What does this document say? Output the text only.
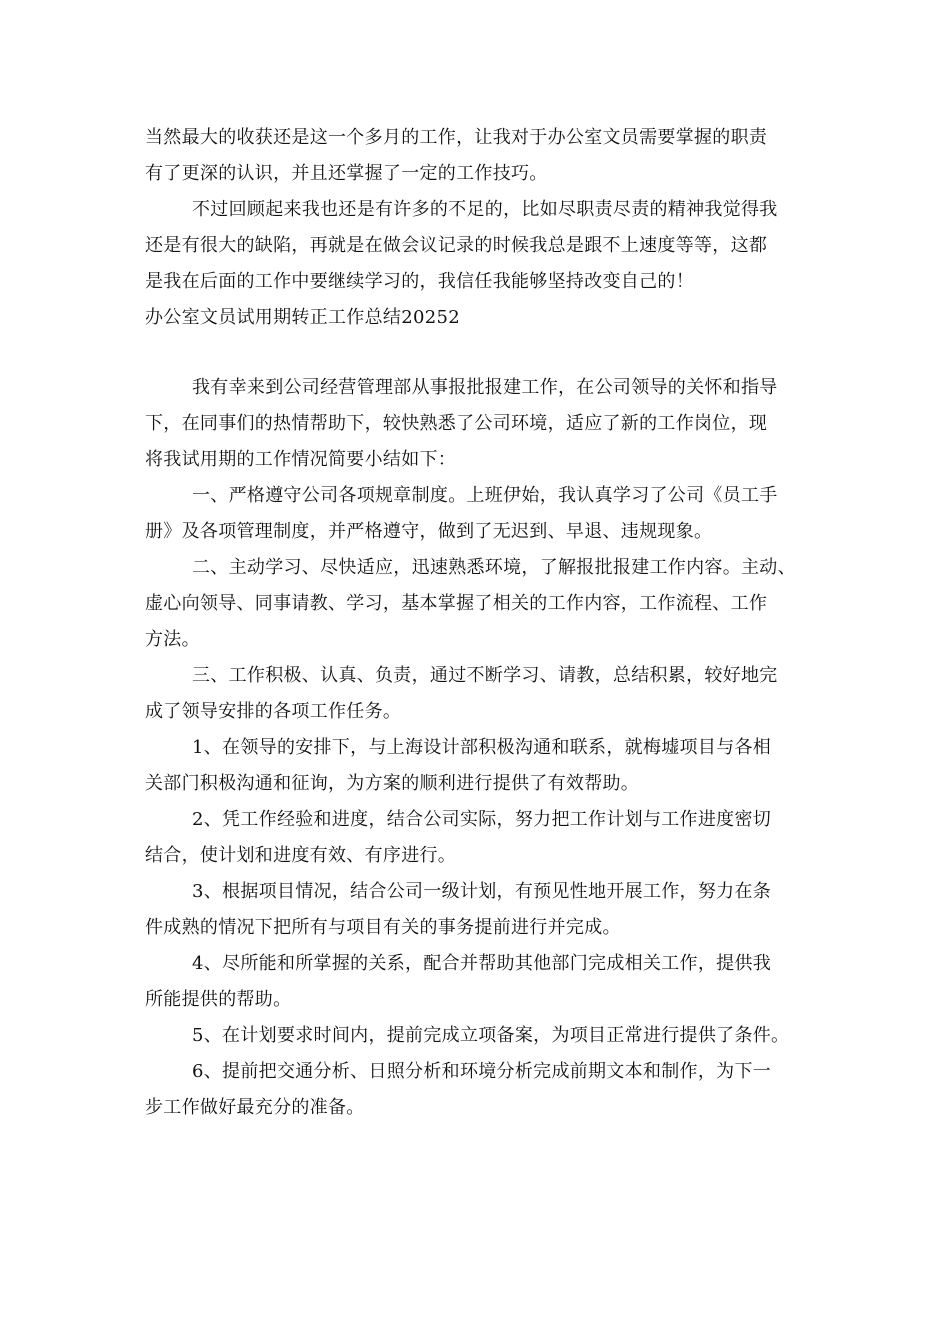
当然最大的收获还是这一个多月的工作，让我对于办公室文员需要掌握的职责
有了更深的认识，并且还掌握了一定的工作技巧。
不过回顾起来我也还是有许多的不足的，比如尽职责尽责的精神我觉得我
还是有很大的缺陷，再就是在做会议记录的时候我总是跟不上速度等等，这都
是我在后面的工作中要继续学习的，我信任我能够坚持改变自己的！
办公室文员试用期转正工作总结20252
我有幸来到公司经营管理部从事报批报建工作，在公司领导的关怀和指导
下，在同事们的热情帮助下，较快熟悉了公司环境，适应了新的工作岗位，现
将我试用期的工作情况简要小结如下：
一、严格遵守公司各项规章制度。上班伊始，我认真学习了公司《员工手
册》及各项管理制度，并严格遵守，做到了无迟到、早退、违规现象。
二、主动学习、尽快适应，迅速熟悉环境，了解报批报建工作内容。主动、
虚心向领导、同事请教、学习，基本掌握了相关的工作内容，工作流程、工作
方法。
三、工作积极、认真、负责，通过不断学习、请教，总结积累，较好地完
成了领导安排的各项工作任务。
1、在领导的安排下，与上海设计部积极沟通和联系，就梅墟项目与各相
关部门积极沟通和征询，为方案的顺利进行提供了有效帮助。
2、凭工作经验和进度，结合公司实际，努力把工作计划与工作进度密切
结合，使计划和进度有效、有序进行。
3、根据项目情况，结合公司一级计划，有预见性地开展工作，努力在条
件成熟的情况下把所有与项目有关的事务提前进行并完成。
4、尽所能和所掌握的关系，配合并帮助其他部门完成相关工作，提供我
所能提供的帮助。
5、在计划要求时间内，提前完成立项备案，为项目正常进行提供了条件。
6、提前把交通分析、日照分析和环境分析完成前期文本和制作，为下一
步工作做好最充分的准备。
